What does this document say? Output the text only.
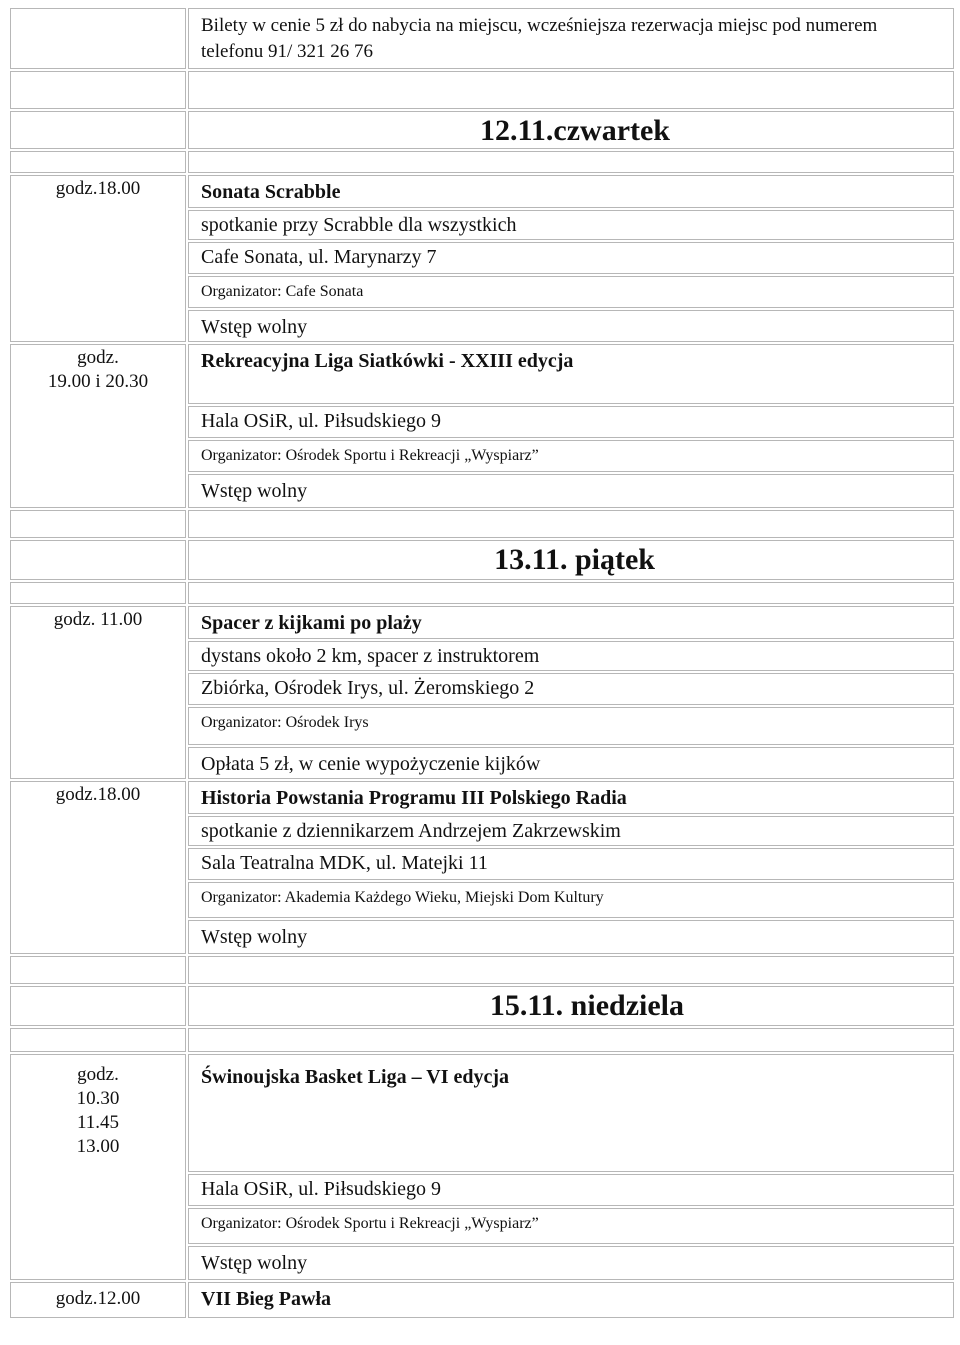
	Bilety w cenie 5 zł do nabycia na miejscu, wcześniejsza rezerwacja miejsc pod numerem telefonu 91/ 321 26 76

	12.11.czwartek

godz.18.00	Sonata Scrabble
	spotkanie przy Scrabble dla wszystkich
	Cafe Sonata, ul. Marynarzy 7
	Organizator: Cafe Sonata
	Wstęp wolny

godz.
19.00 i 20.30	Rekreacyjna Liga Siatkówki - XXIII edycja
	Hala OSiR, ul. Piłsudskiego 9
	Organizator: Ośrodek Sportu i Rekreacji „Wyspiarz”
	Wstęp wolny

	13.11. piątek

godz. 11.00	Spacer z kijkami po plaży
	dystans około 2 km, spacer z instruktorem
	Zbiórka, Ośrodek Irys, ul. Żeromskiego 2
	Organizator: Ośrodek Irys
	Opłata 5 zł, w cenie wypożyczenie kijków

godz.18.00	Historia Powstania Programu III Polskiego Radia
	spotkanie z dziennikarzem Andrzejem Zakrzewskim
	Sala Teatralna MDK, ul. Matejki 11
	Organizator: Akademia Każdego Wieku, Miejski Dom Kultury
	Wstęp wolny

	15.11. niedziela

godz.
10.30
11.45
13.00	Świnoujska Basket Liga – VI edycja
	Hala OSiR, ul. Piłsudskiego 9
	Organizator: Ośrodek Sportu i Rekreacji „Wyspiarz”
	Wstęp wolny

godz.12.00	VII Bieg Pawła
